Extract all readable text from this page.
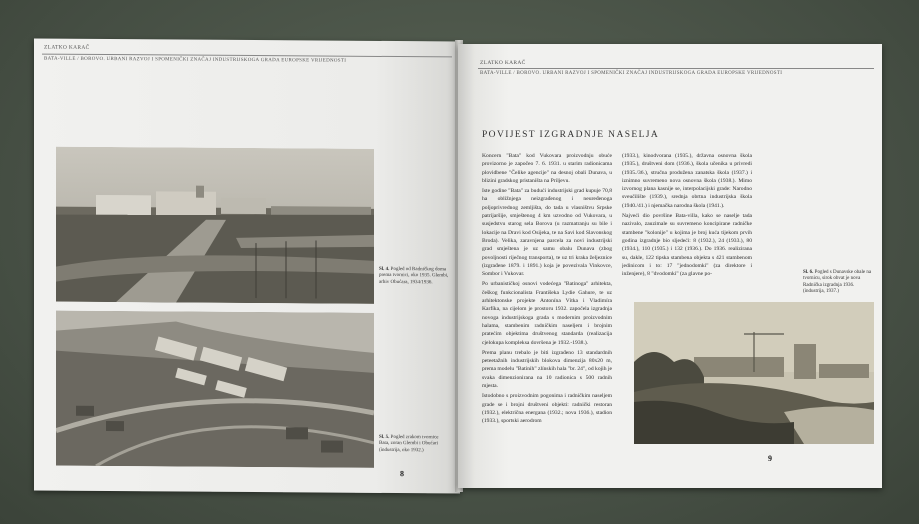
ZLATKO KARAČ
BATA-VILLE / BOROVO. URBANI RAZVOJ I SPOMENIČKI ZNAČAJ INDUSTRIJSKOGA GRADA EUROPSKE VRIJEDNOSTI
Sl. 4. Pogled od Radničkog doma prema tvornici, oko 1935. Glembi, arhiv Obućara, 1934/1936.
Sl. 5. Pogled zrakom tvornice Bata, zoran Glembi i Obućari (industrija, oko 1932.)
8
ZLATKO KARAČ
BATA-VILLE / BOROVO. URBANI RAZVOJ I SPOMENIČKI ZNAČAJ INDUSTRIJSKOGA GRADA EUROPSKE VRIJEDNOSTI
POVIJEST IZGRADNJE NASELJA

Koncern "Bata" kod Vukovara proizvodnju obuće provizorno je započeo 7. 6. 1931. u starim radionicama plovidbene "Čelike agencije" na desnoj obali Dunava, u blizini gradskog pristaništa na Priljevu.

Iste godine "Bata" za budući industrijski grad kupuje 70,8 ha obližnjega neizgrađenog i neuređenoga poljoprivrednog zemljišta, do tada u vlasništvu Srpske patrijaršije, smještenog 4 km uzvodno od Vukovara, u susjedstvu starog sela Borova (u razmatranju su bile i lokacije na Dravi kod Osijeka, te na Savi kod Slavonskog Broda). Velika, zaravnjena parcela za novi industrijski grad smještena je uz samu obalu Dunava (zbog povoljnosti riječnog transporta), te uz tri krakа željeznice (izgrađene 1879. i 1891.) koja je povezivala Vinkovce, Sombor i Vukovar.

Po urbanističkoj osnovi vodećega "Batinoga" arhitekta, češkog funkcionalista Františeka Lydie Gahure, te uz arhitektonske projekte Antonína Vítka i Vladimíra Karfíka, na cijelom je prostoru 1932. započela izgradnja novoga industrijskoga grada s modernim proizvodnim halama, stambenim radničkim naseljem i brojnim pratećim objektima društvenog standarda (realizacija cjelokupa kompleksa dovršena je 1932.-1938.).

Prema planu trebalo je biti izgrađeno 13 standardnih peteetažnih industrijskih blokova dimenzija 80x20 m, prema modelu "Batinih" zlínskih hala "br. 24", od kojih je svaka dimenzionirana na 10 radionica s 500 radnih mjesta.

Istodobno s proizvodnim pogonima i radničkim naseljem grade se i brojni društveni objekti: radnički restoran (1932.), električna energana (1932.; nova 1936.), stadion (1933.), sportski aerodrom

(1933.), kinodvorana (1935.), državna osnovna škola (1935.), društveni dom (1936.), škola učenika u privredi (1935./36.), stručna produžena zanatska škola (1937.) i iznimno suvremeno nova osnovna škola (1938.). Mimo izvornog plana kasnije se, interpolacijski grade: Narodno sveučilište (1939.), srednja obrtna industrijska škola (1940./41.) i njemačka narodna škola (1941.).

Najveći dio površine Bata-villa, kako se naselje tada nazivalo, zauzimale su suvremeno koncipirane radničke stambene "kolonije" u kojima je broj kuća tijekom prvih godina izgradnje bio sljedeći: 8 (1932.), 24 (1933.), 80 (1934.), 110 (1935.) i 132 (1936.). Do 1936. realizirana su, dakle, 122 tipska stambena objekta s 421 stambenom jedinicom i to: 17 "jednodomki" (za direktore i inženjere), 8 "dvodomki" (za glavne po-	Sl. 6. Pogled s Dunavske obale na tvornicu, sirok obvat je nova Radnička izgradnja 1936. (industrija, 1937.)
9
